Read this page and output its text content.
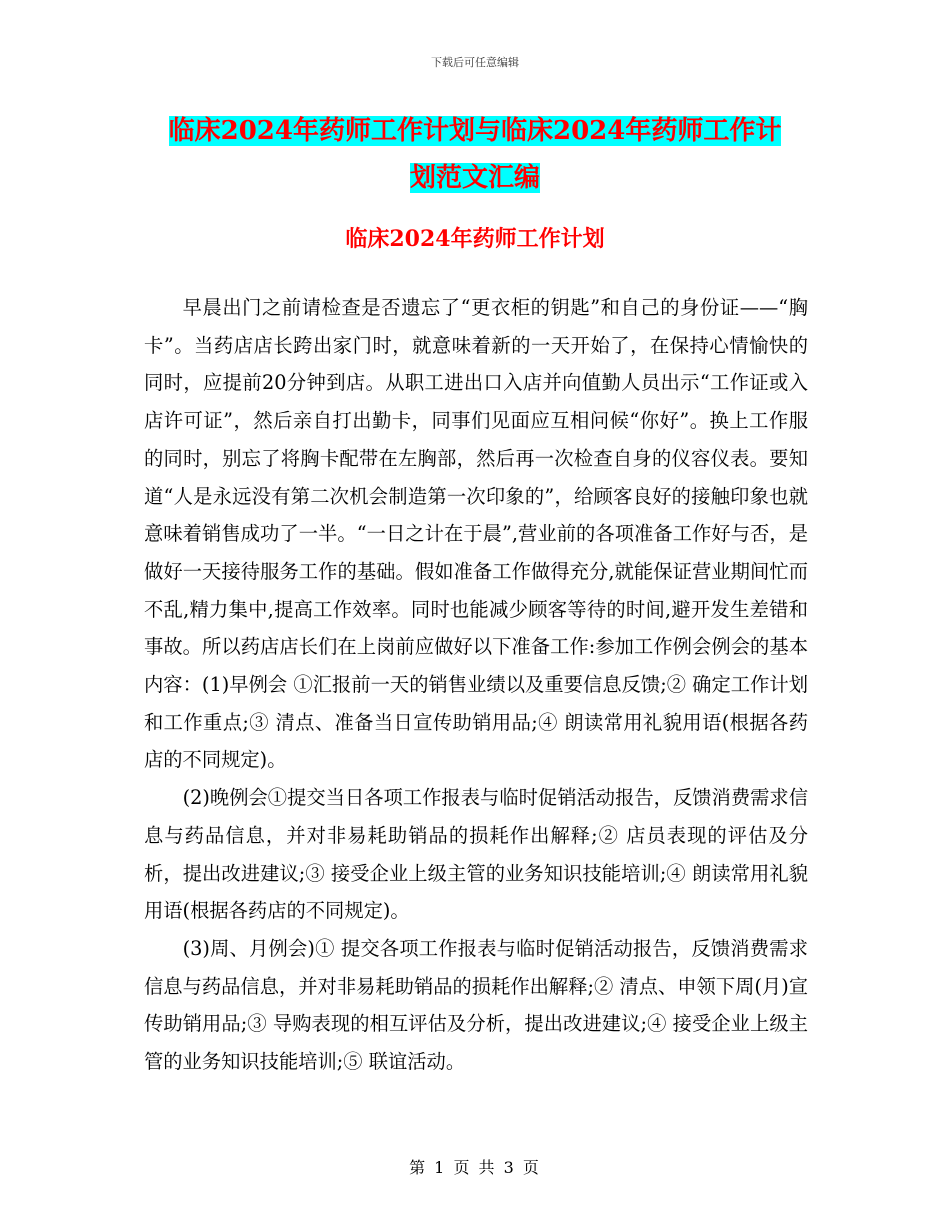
下载后可任意编辑
临床2024年药师工作计划与临床2024年药师工作计
划范文汇编
临床2024年药师工作计划

早晨出门之前请检查是否遗忘了“更衣柜的钥匙”和自己的身份证——“胸卡”。当药店店长跨出家门时，就意味着新的一天开始了，在保持心情愉快的同时，应提前20分钟到店。从职工进出口入店并向值勤人员出示“工作证或入店许可证”，然后亲自打出勤卡，同事们见面应互相问候“你好”。换上工作服的同时，别忘了将胸卡配带在左胸部，然后再一次检查自身的仪容仪表。要知道“人是永远没有第二次机会制造第一次印象的”，给顾客良好的接触印象也就意味着销售成功了一半。“一日之计在于晨”,营业前的各项准备工作好与否，是做好一天接待服务工作的基础。假如准备工作做得充分,就能保证营业期间忙而不乱,精力集中,提高工作效率。同时也能减少顾客等待的时间,避开发生差错和事故。所以药店店长们在上岗前应做好以下准备工作:参加工作例会例会的基本内容：(1)早例会 ①汇报前一天的销售业绩以及重要信息反馈;② 确定工作计划和工作重点;③ 清点、准备当日宣传助销用品;④ 朗读常用礼貌用语(根据各药店的不同规定)。

(2)晚例会①提交当日各项工作报表与临时促销活动报告，反馈消费需求信息与药品信息，并对非易耗助销品的损耗作出解释;② 店员表现的评估及分析，提出改进建议;③ 接受企业上级主管的业务知识技能培训;④ 朗读常用礼貌用语(根据各药店的不同规定)。

(3)周、月例会)① 提交各项工作报表与临时促销活动报告，反馈消费需求信息与药品信息，并对非易耗助销品的损耗作出解释;② 清点、申领下周(月)宣传助销用品;③ 导购表现的相互评估及分析，提出改进建议;④ 接受企业上级主管的业务知识技能培训;⑤ 联谊活动。

第 1 页 共 3 页
